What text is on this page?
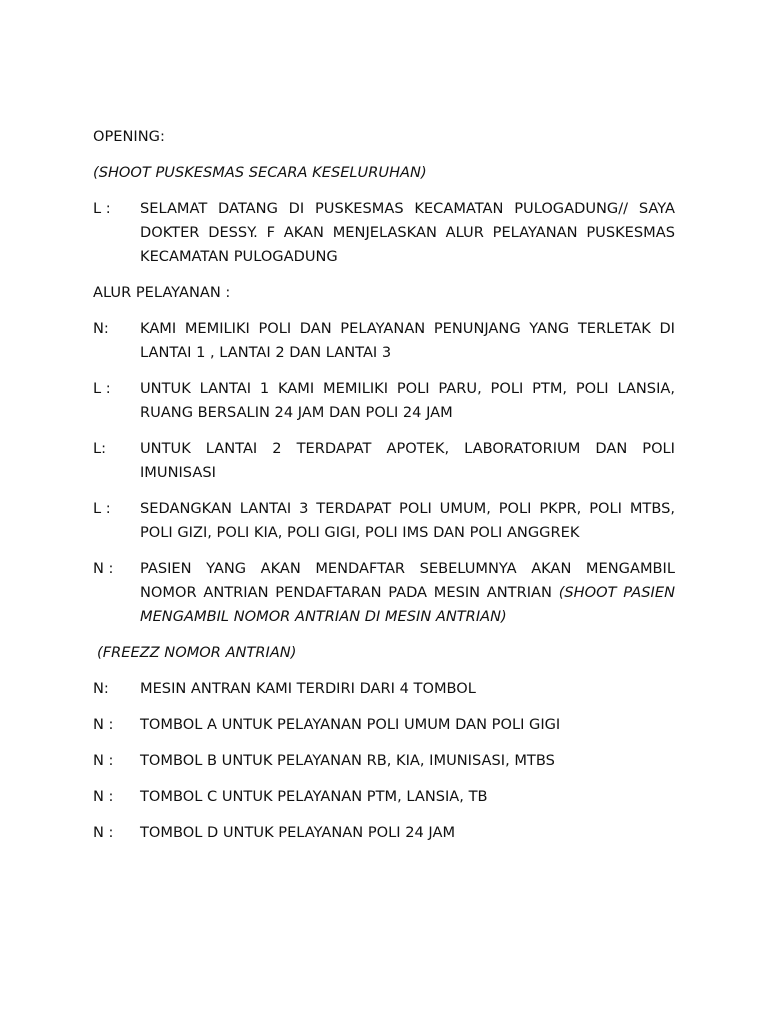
OPENING:
(SHOOT PUSKESMAS SECARA KESELURUHAN)
L :	SELAMAT DATANG DI PUSKESMAS KECAMATAN PULOGADUNG// SAYA DOKTER DESSY. F AKAN MENJELASKAN ALUR PELAYANAN PUSKESMAS KECAMATAN PULOGADUNG
ALUR PELAYANAN :
N:	KAMI MEMILIKI POLI DAN PELAYANAN PENUNJANG YANG TERLETAK DI LANTAI 1 , LANTAI 2 DAN LANTAI 3
L :	UNTUK LANTAI 1 KAMI MEMILIKI POLI PARU, POLI PTM, POLI LANSIA, RUANG BERSALIN 24 JAM DAN POLI 24 JAM
L:	UNTUK LANTAI 2 TERDAPAT APOTEK, LABORATORIUM DAN POLI IMUNISASI
L :	SEDANGKAN LANTAI 3 TERDAPAT POLI UMUM, POLI PKPR, POLI MTBS, POLI GIZI, POLI KIA, POLI GIGI, POLI IMS DAN POLI ANGGREK
N :	PASIEN YANG AKAN MENDAFTAR SEBELUMNYA AKAN MENGAMBIL NOMOR ANTRIAN PENDAFTARAN PADA MESIN ANTRIAN (SHOOT PASIEN MENGAMBIL NOMOR ANTRIAN DI MESIN ANTRIAN)
(FREEZZ NOMOR ANTRIAN)
N:	MESIN ANTRAN KAMI TERDIRI DARI 4 TOMBOL
N :	TOMBOL A UNTUK PELAYANAN POLI UMUM DAN POLI GIGI
N :	TOMBOL B UNTUK PELAYANAN RB, KIA, IMUNISASI, MTBS
N :	TOMBOL C UNTUK PELAYANAN PTM, LANSIA, TB
N :	TOMBOL D UNTUK PELAYANAN POLI 24 JAM
